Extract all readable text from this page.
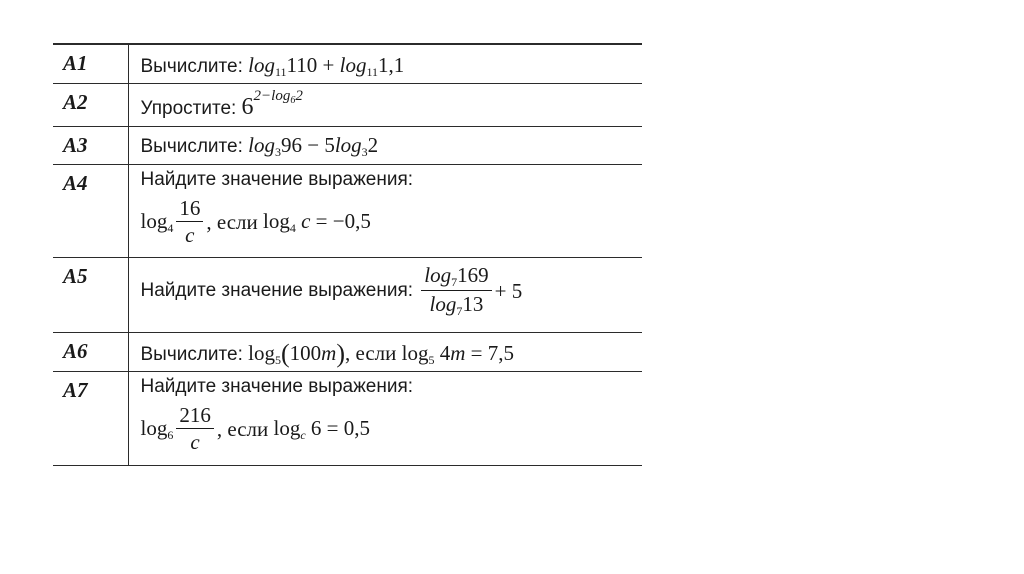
A1	Вычислите: $\log_{11}110 + \log_{11}1,1$
A2	Упростите: $6^{2-log_62}$
A3	Вычислите: $\log_396 - 5\log_32$
A4	Найдите значение выражения:
$\log_4 \frac{16}{c}$ , если $\log_4 c = -0,5$

A5	Найдите значение выражения: $\frac{\log_7169}{\log_713} + 5$
A6	Вычислите: $\log_5(100m)$, если $\log_5 4m = 7,5$
A7	Найдите значение выражения:
$\log_6 \frac{216}{c}$ , если $\log_c 6 = 0,5$
